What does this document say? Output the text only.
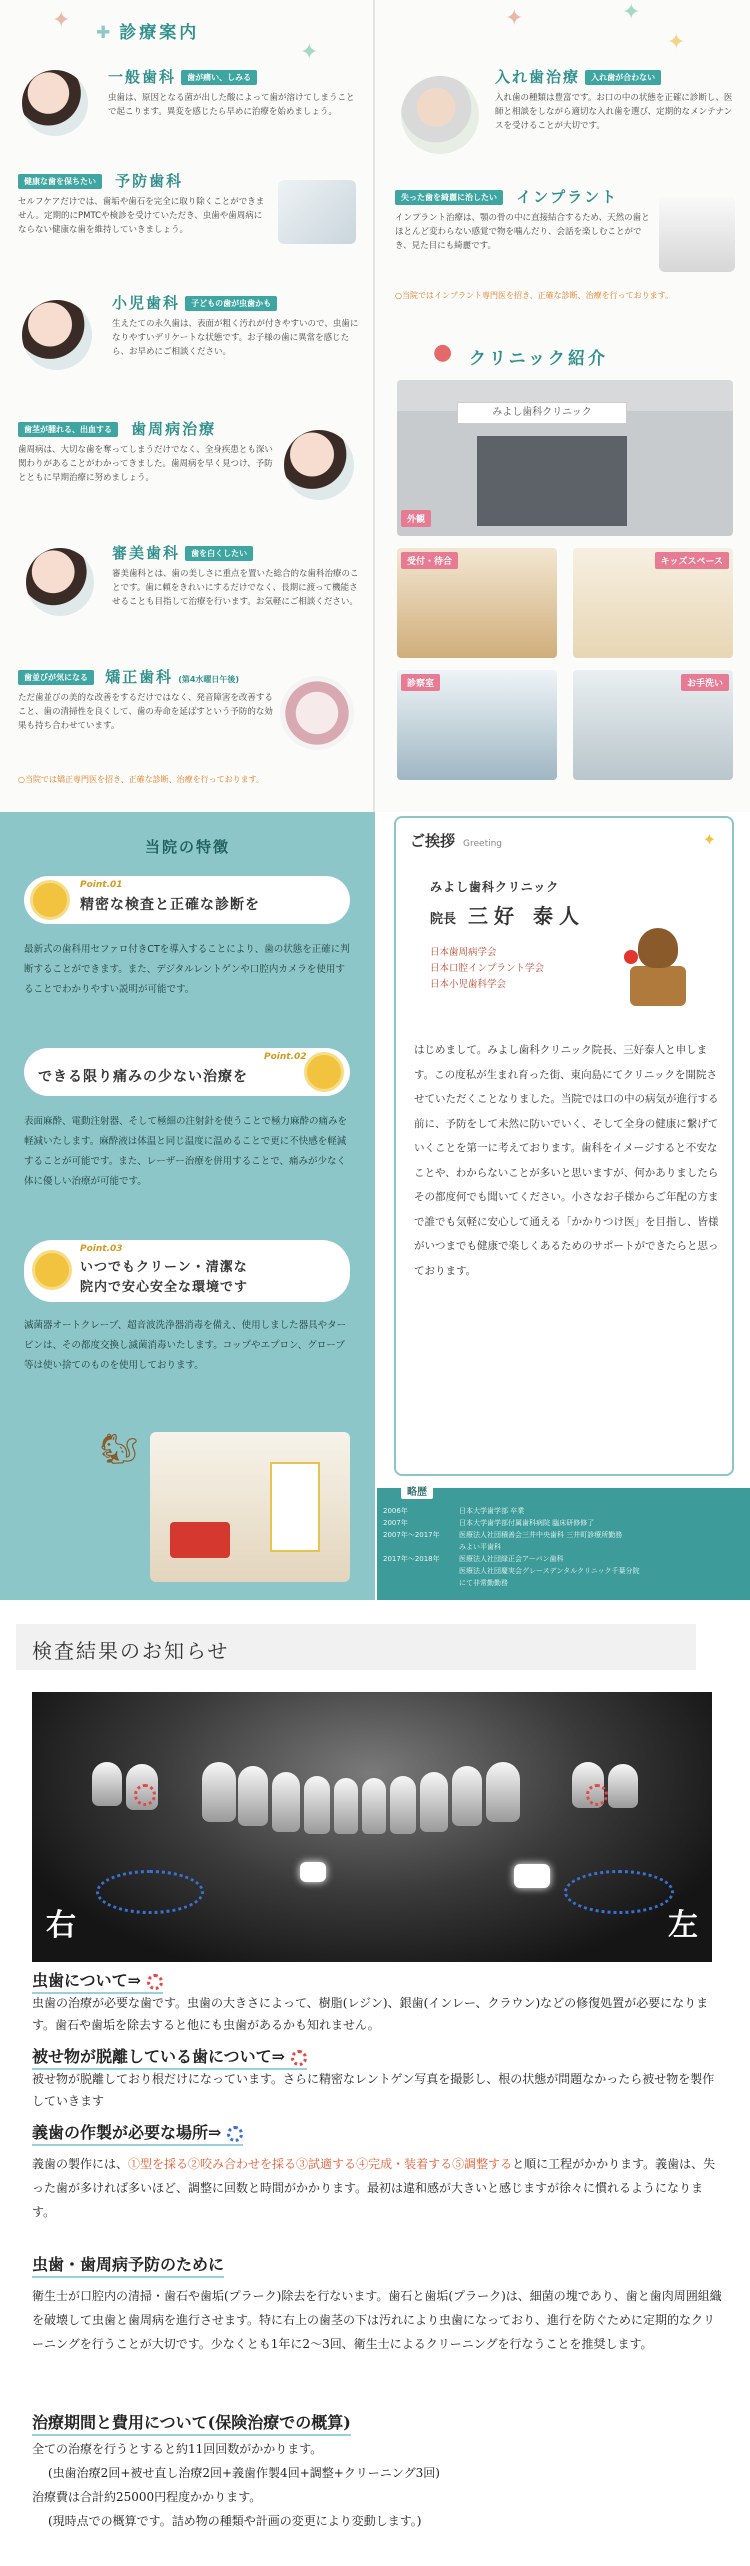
✦
✦
✚ 診療案内
一般歯科 歯が痛い、しみる
虫歯は、原因となる菌が出した酸によって歯が溶けてしまうことで起こります。異変を感じたら早めに治療を始めましょう。
健康な歯を保ちたい 予防歯科
セルフケアだけでは、歯垢や歯石を完全に取り除くことができません。定期的にPMTCや検診を受けていただき、虫歯や歯周病にならない健康な歯を維持していきましょう。
小児歯科 子どもの歯が虫歯かも
生えたての永久歯は、表面が粗く汚れが付きやすいので、虫歯になりやすいデリケートな状態です。お子様の歯に異常を感じたら、お早めにご相談ください。
歯茎が腫れる、出血する 歯周病治療
歯周病は、大切な歯を奪ってしまうだけでなく、全身疾患とも深い関わりがあることがわかってきました。歯周病を早く見つけ、予防とともに早期治療に努めましょう。
審美歯科 歯を白くしたい
審美歯科とは、歯の美しさに重点を置いた総合的な歯科治療のことです。歯に頼をきれいにするだけでなく、長期に渡って機能させることも目指して治療を行います。お気軽にご相談ください。
歯並びが気になる 矯正歯科 (第4水曜日午後)
ただ歯並びの美的な改善をするだけではなく、発音障害を改善すること、歯の清掃性を良くして、歯の寿命を延ばすという予防的な効果も持ち合わせています。
○当院では矯正専門医を招き、正確な診断、治療を行っております。
✦	✦
✦
入れ歯治療 入れ歯が合わない
入れ歯の種類は豊富です。お口の中の状態を正確に診断し、医師と相談をしながら適切な入れ歯を選び、定期的なメンテナンスを受けることが大切です。
失った歯を綺麗に治したい インプラント
インプラント治療は、顎の骨の中に直接結合するため、天然の歯とほとんど変わらない感覚で物を噛んだり、会話を楽しむことができ、見た目にも綺麗です。
○当院ではインプラント専門医を招き、正確な診断、治療を行っております。
● クリニック紹介
みよし歯科クリニック
外観
受付・待合	キッズスペース
診察室	お手洗い
当院の特徴
Point.01
精密な検査と正確な診断を
最新式の歯科用セファロ付きCTを導入することにより、歯の状態を正確に判断することができます。また、デジタルレントゲンや口腔内カメラを使用することでわかりやすい説明が可能です。
Point.02
できる限り痛みの少ない治療を
表面麻酔、電動注射器、そして極細の注射針を使うことで極力麻酔の痛みを軽減いたします。麻酔液は体温と同じ温度に温めることで更に不快感を軽減することが可能です。また、レーザー治療を併用することで、痛みが少なく体に優しい治療が可能です。
Point.03
いつでもクリーン・清潔な
院内で安心安全な環境です
滅菌器オートクレーブ、超音波洗浄器消毒を備え、使用しました器具やタービンは、その都度交換し滅菌消毒いたします。コップやエプロン、グローブ等は使い捨てのものを使用しております。
🐿
ご挨拶 Greeting	✦
みよし歯科クリニック
院長 三好 泰人
日本歯周病学会
日本口腔インプラント学会
日本小児歯科学会
はじめまして。みよし歯科クリニック院長、三好泰人と申します。この度私が生まれ育った街、東向島にてクリニックを開院させていただくことなりました。当院では口の中の病気が進行する前に、予防をして未然に防いでいく、そして全身の健康に繋げていくことを第一に考えております。歯科をイメージすると不安なことや、わからないことが多いと思いますが、何かありましたらその都度何でも聞いてください。小さなお子様からご年配の方まで誰でも気軽に安心して通える「かかりつけ医」を目指し、皆様がいつまでも健康で楽しくあるためのサポートができたらと思っております。
略歴
2006年	日本大学歯学部 卒業
2007年	日本大学歯学部付属歯科病院 臨床研修修了
2007年～2017年	医療法人社団積善会三井中央歯科 三井町診療所勤務
みよい平歯科
2017年～2018年	医療法人社団緑正会アーバン歯科
医療法人社団慶実会グレースデンタルクリニック千葉分院
にて非常勤勤務
検査結果のお知らせ
右	左
虫歯について⇒
虫歯の治療が必要な歯です。虫歯の大きさによって、樹脂(レジン)、銀歯(インレー、クラウン)などの修復処置が必要になります。歯石や歯垢を除去すると他にも虫歯があるかも知れません。
被せ物が脱離している歯について⇒
被せ物が脱離しており根だけになっています。さらに精密なレントゲン写真を撮影し、根の状態が問題なかったら被せ物を製作していきます
義歯の作製が必要な場所⇒
義歯の製作には、①型を採る②咬み合わせを採る③試適する④完成・装着する⑤調整すると順に工程がかかります。義歯は、失った歯が多ければ多いほど、調整に回数と時間がかかります。最初は違和感が大きいと感じますが徐々に慣れるようになります。
虫歯・歯周病予防のために
衛生士が口腔内の清掃・歯石や歯垢(プラーク)除去を行ないます。歯石と歯垢(プラーク)は、細菌の塊であり、歯と歯肉周囲組織を破壊して虫歯と歯周病を進行させます。特に右上の歯茎の下は汚れにより虫歯になっており、進行を防ぐために定期的なクリーニングを行うことが大切です。少なくとも1年に2～3回、衛生士によるクリーニングを行なうことを推奨します。
治療期間と費用について(保険治療での概算)
全ての治療を行うとすると約11回回数がかかります。
(虫歯治療2回+被せ直し治療2回+義歯作製4回+調整+クリーニング3回)
治療費は合計約25000円程度かかります。
(現時点での概算です。詰め物の種類や計画の変更により変動します。)
